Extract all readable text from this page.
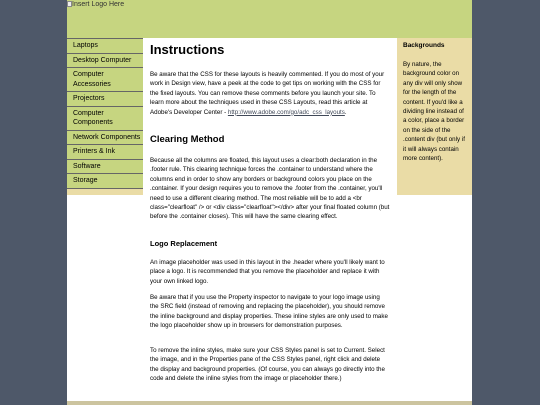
Insert Logo Here
Laptops
Desktop Computer
Computer Accessories
Projectors
Computer Components
Network Components
Printers & Ink
Software
Storage
Instructions

Be aware that the CSS for these layouts is heavily commented. If you do most of your work in Design view, have a peek at the code to get tips on working with the CSS for the fixed layouts. You can remove these comments before you launch your site. To learn more about the techniques used in these CSS Layouts, read this article at Adobe's Developer Center - http://www.adobe.com/go/adc_css_layouts.

Clearing Method

Because all the columns are floated, this layout uses a clear:both declaration in the .footer rule. This clearing technique forces the .container to understand where the columns end in order to show any borders or background colors you place on the .container. If your design requires you to remove the .footer from the .container, you'll need to use a different clearing method. The most reliable will be to add a <br class="clearfloat" /> or <div class="clearfloat"></div> after your final floated column (but before the .container closes). This will have the same clearing effect.

Logo Replacement

An image placeholder was used in this layout in the .header where you'll likely want to place a logo. It is recommended that you remove the placeholder and replace it with your own linked logo.

Be aware that if you use the Property inspector to navigate to your logo image using the SRC field (instead of removing and replacing the placeholder), you should remove the inline background and display properties. These inline styles are only used to make the logo placeholder show up in browsers for demonstration purposes.

To remove the inline styles, make sure your CSS Styles panel is set to Current. Select the image, and in the Properties pane of the CSS Styles panel, right click and delete the display and background properties. (Of course, you can always go directly into the code and delete the inline styles from the image or placeholder there.)

Backgrounds

By nature, the background color on any div will only show for the length of the content. If you'd like a dividing line instead of a color, place a border on the side of the .content div (but only if it will always contain more content).
